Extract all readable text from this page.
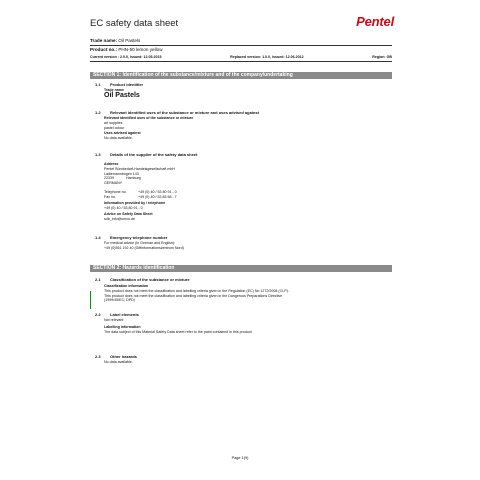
EC safety data sheet	Pentel
Trade name: Oil Pastels
Product no.: PHN-50 lemon yellow
Current version : 2.0.0, issued: 12.05.2015	Replaced version: 1.0.0, issued: 12.06.2012	Region: GB
SECTION 1: Identification of the substance/mixture and of the company/undertaking
1.1 Product identifier
Trade name
Oil Pastels
1.2 Relevant identified uses of the substance or mixture and uses advised against
Relevant identified uses of the substance or mixture
art supplies
pastel colour
Uses advised against
No data available.
1.3 Details of the supplier of the safety data sheet
Address
Pentel Bürobedarf-Handelsgesellschaft mbH
Ladiemannbogen 143
22339	Hamburg
GERMANY
Telephone no.	+49 (0) 40 / 53 80 91 - 0
Fax no.	+49 (0) 40 / 53 85 58 - 7
Information provided by / telephone
+49 (0) 40 / 53 80 91 - 0
Advice on Safety Data Sheet
sdb_info@umco.de
1.4 Emergency telephone number
For medical advice (in German and English):
+49 (0)551 192 40 (Giftinformationszentrum Nord)
SECTION 2: Hazards identification
2.1 Classification of the substance or mixture
Classification information
This product does not meet the classification and labelling criteria given in the Regulation (EC) No 1272/2008 (CLP).
This product does not meet the classification and labelling criteria given in the Dangerous Preparations Directive
(1999/45/EC; DPD)
2.2 Label elements
Not relevant
Labelling information
The data subject of this Material Safety Data sheet refer to the paint contained in this product.
2.3 Other hazards
No data available.
Page 1(9)
